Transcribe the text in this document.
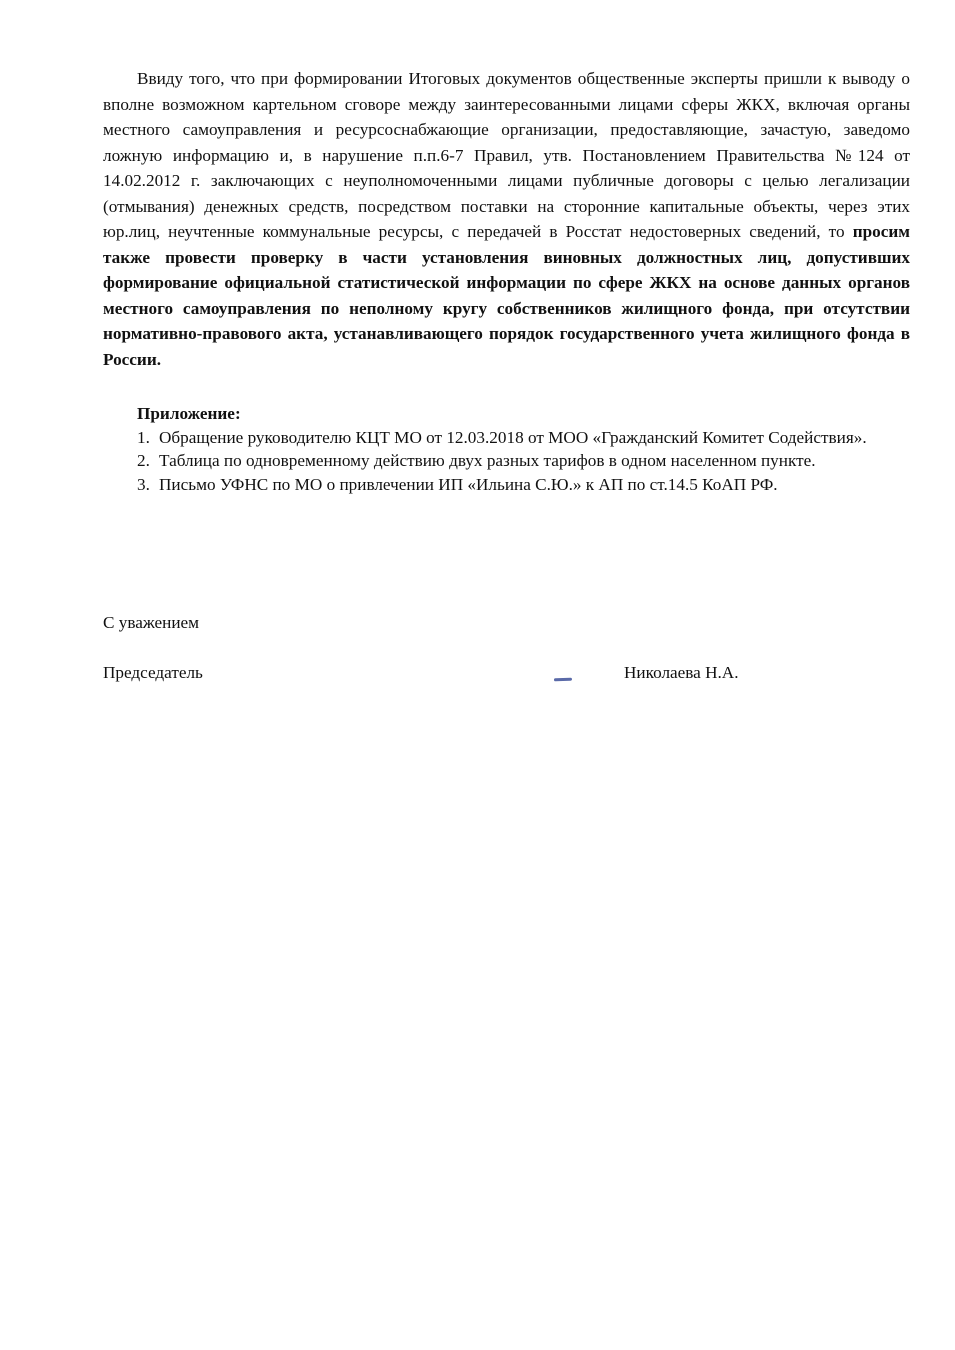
Ввиду того, что при формировании Итоговых документов общественные эксперты пришли к выводу о вполне возможном картельном сговоре между заинтересованными лицами сферы ЖКХ, включая органы местного самоуправления и ресурсоснабжающие организации, предоставляющие, зачастую, заведомо ложную информацию и, в нарушение п.п.6-7 Правил, утв. Постановлением Правительства №124 от 14.02.2012 г. заключающих с неуполномоченными лицами публичные договоры с целью легализации (отмывания) денежных средств, посредством поставки на сторонние капитальные объекты, через этих юр.лиц, неучтенные коммунальные ресурсы, с передачей в Росстат недостоверных сведений, то просим также провести проверку в части установления виновных должностных лиц, допустивших формирование официальной статистической информации по сфере ЖКХ на основе данных органов местного самоуправления по неполному кругу собственников жилищного фонда, при отсутствии нормативно-правового акта, устанавливающего порядок государственного учета жилищного фонда в России.

Приложение:
1. Обращение руководителю КЦТ МО от 12.03.2018 от МОО «Гражданский Комитет Содействия».
2. Таблица по одновременному действию двух разных тарифов в одном населенном пункте.
3. Письмо УФНС по МО о привлечении ИП «Ильина С.Ю.» к АП по ст.14.5 КоАП РФ.

С уважением

Председатель	Николаева Н.А.
